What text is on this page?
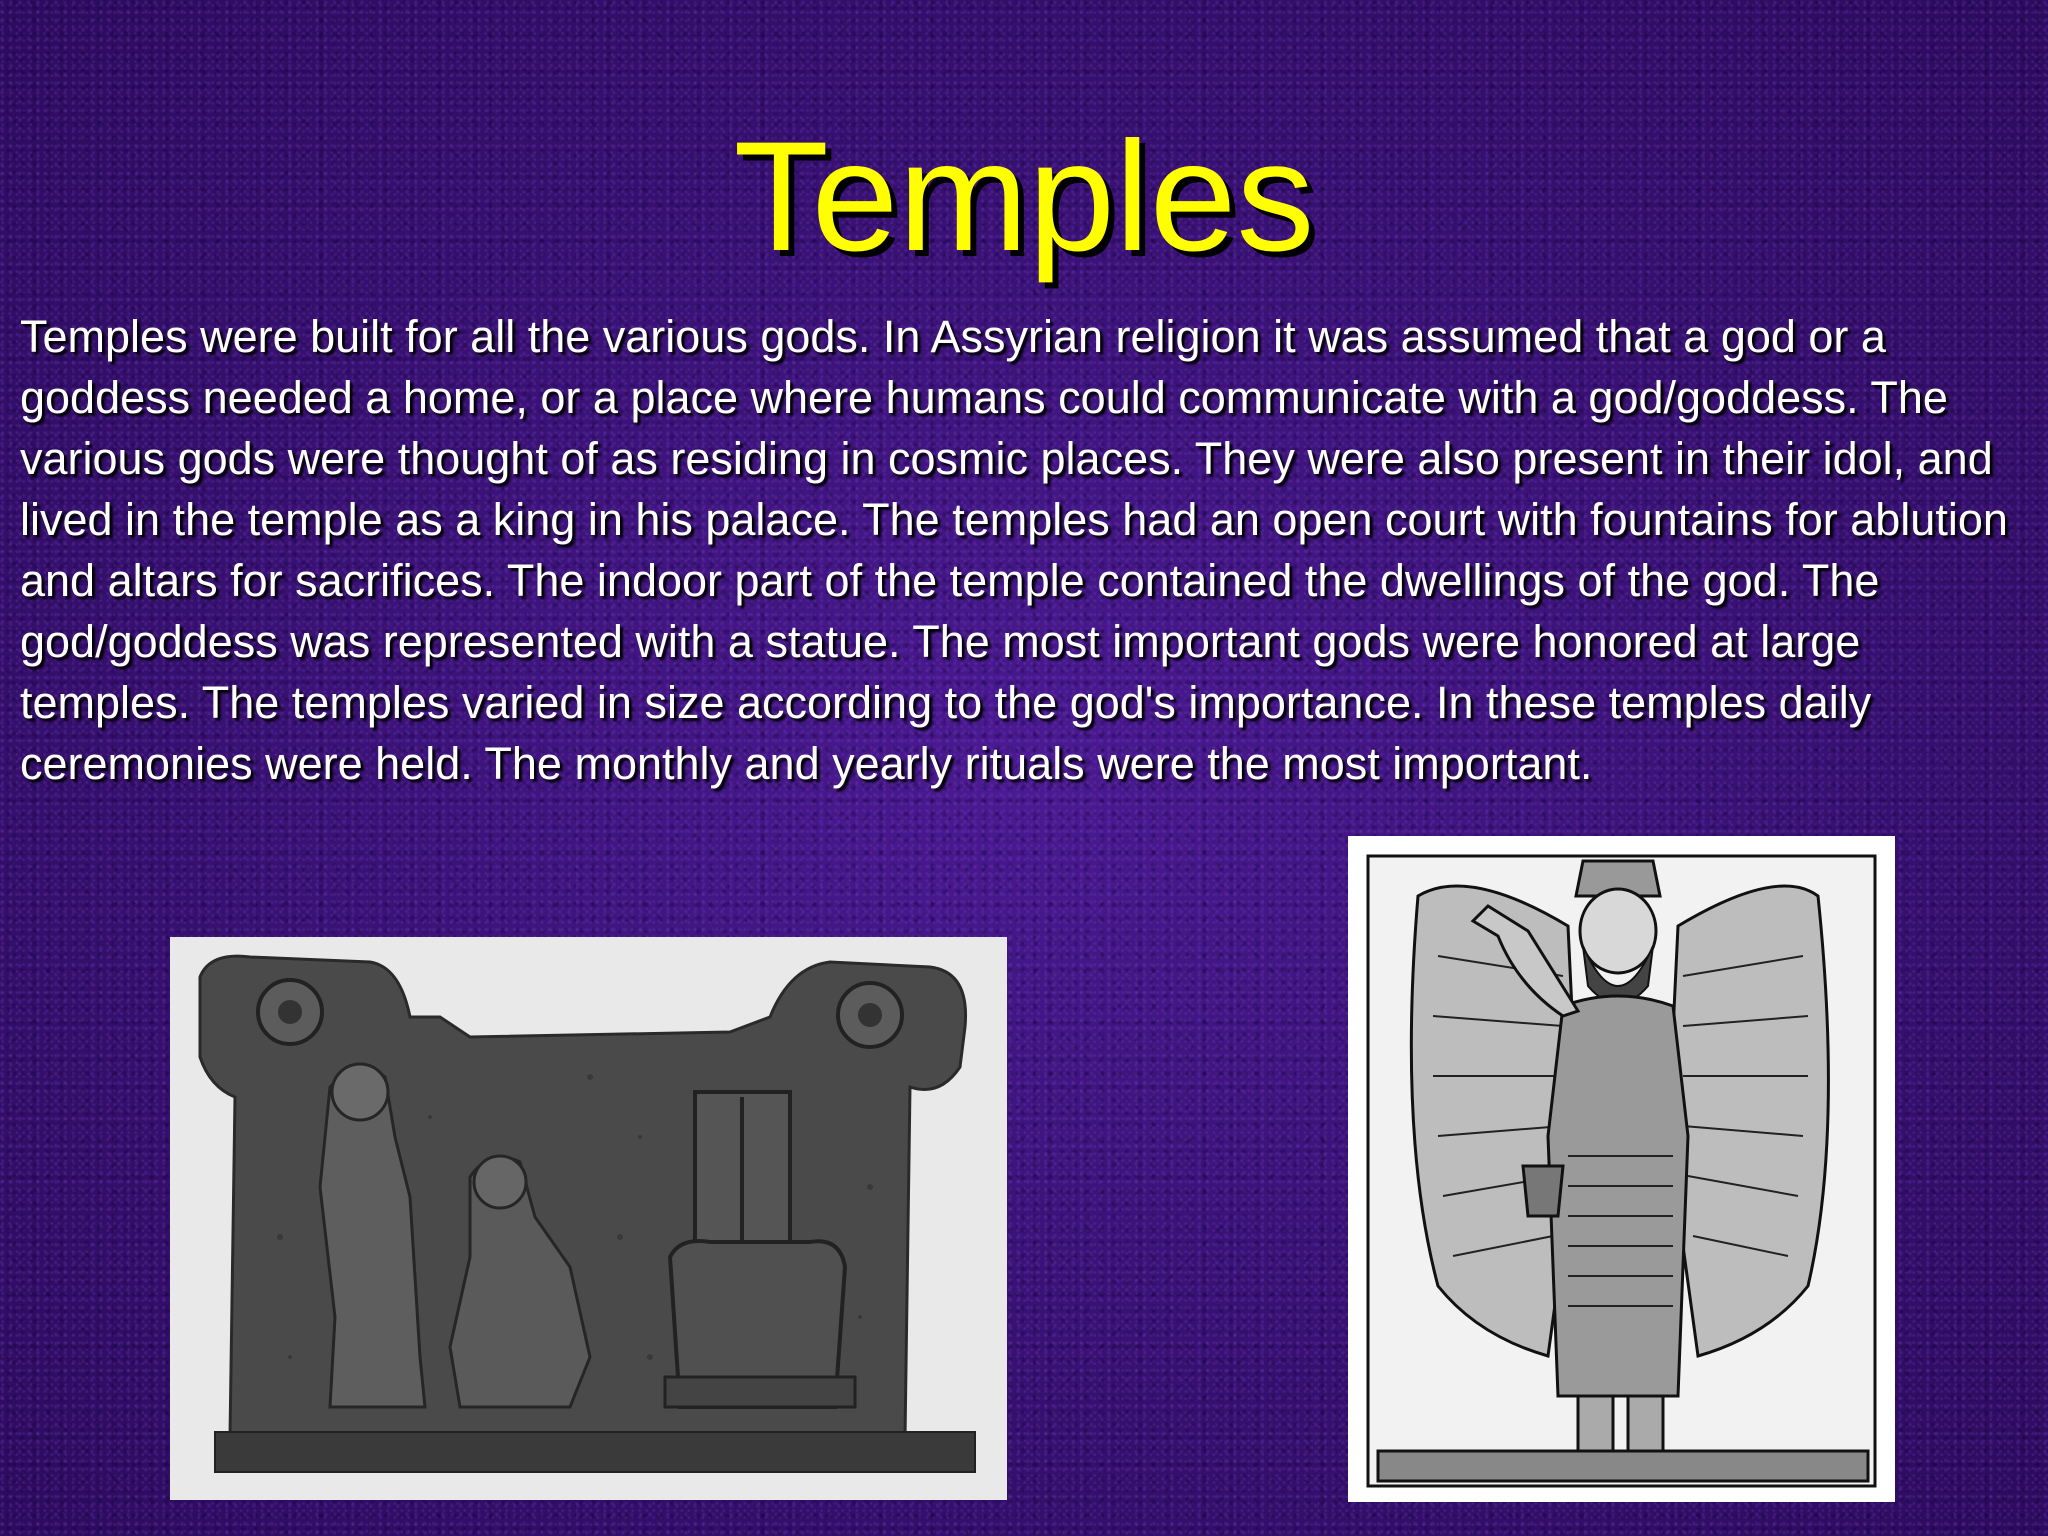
Temples

Temples were built for all the various gods. In Assyrian religion it was assumed that a god or a goddess needed a home, or a place where humans could communicate with a god/goddess. The various gods were thought of as residing in cosmic places. They were also present in their idol, and lived in the temple as a king in his palace. The temples had an open court with fountains for ablution and altars for sacrifices. The indoor part of the temple contained the dwellings of the god. The god/goddess was represented with a statue. The most important gods were honored at large temples. The temples varied in size according to the god's importance. In these temples daily ceremonies were held. The monthly and yearly rituals were the most important.
